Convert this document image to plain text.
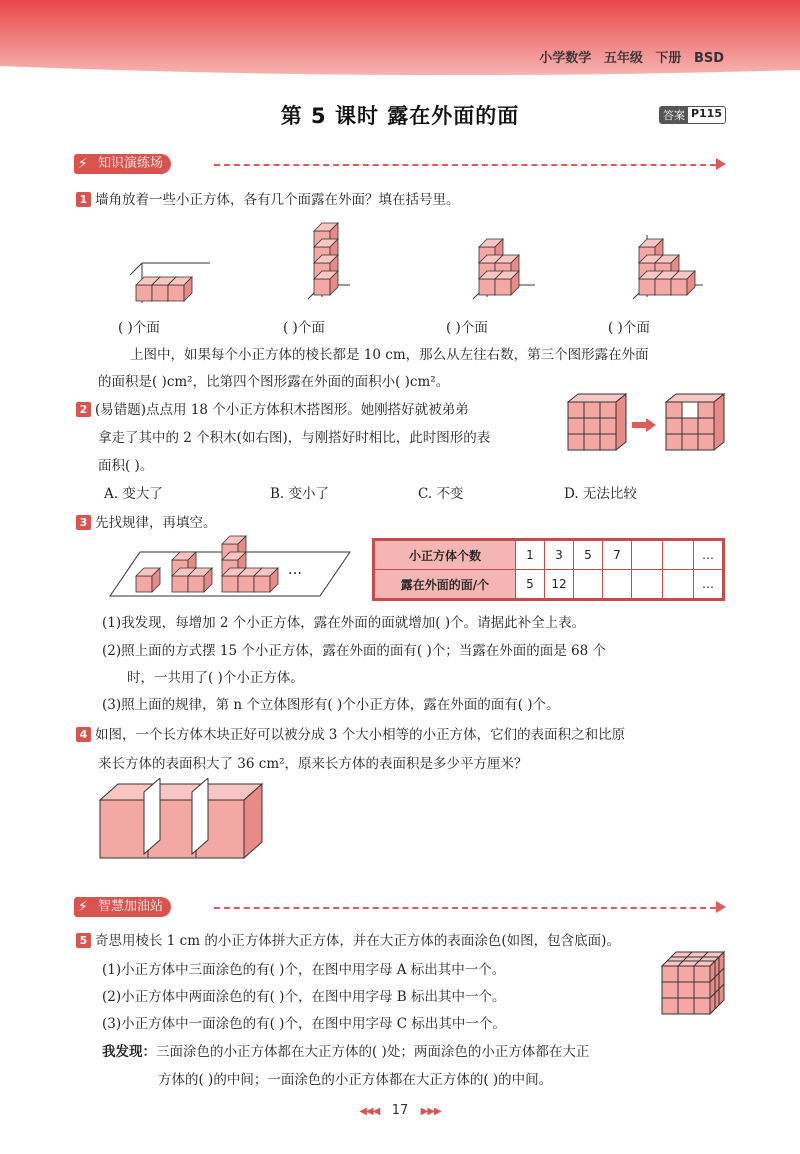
小学数学 五年级 下册 BSD
第 5 课时 露在外面的面	答案 P115
⚡ 知识演练场
1 墙角放着一些小正方体，各有几个面露在外面？填在括号里。
( )个面	( )个面	( )个面	( )个面
上图中，如果每个小正方体的棱长都是 10 cm，那么从左往右数，第三个图形露在外面
的面积是( )cm²，比第四个图形露在外面的面积小( )cm²。
2 (易错题)点点用 18 个小正方体积木搭图形。她刚搭好就被弟弟
拿走了其中的 2 个积木(如右图)，与刚搭好时相比，此时图形的表
面积( )。
A. 变大了	B. 变小了	C. 不变	D. 无法比较
3 先找规律，再填空。
…
小正方体个数	1	3	5	7			…
露在外面的面/个	5	12					…
(1)我发现，每增加 2 个小正方体，露在外面的面就增加( )个。请据此补全上表。
(2)照上面的方式摆 15 个小正方体，露在外面的面有( )个；当露在外面的面是 68 个
时，一共用了( )个小正方体。
(3)照上面的规律，第 n 个立体图形有( )个小正方体，露在外面的面有( )个。
4 如图，一个长方体木块正好可以被分成 3 个大小相等的小正方体，它们的表面积之和比原
来长方体的表面积大了 36 cm²，原来长方体的表面积是多少平方厘米？
⚡ 智慧加油站
5 奇思用棱长 1 cm 的小正方体拼大正方体，并在大正方体的表面涂色(如图，包含底面)。
(1)小正方体中三面涂色的有( )个，在图中用字母 A 标出其中一个。
(2)小正方体中两面涂色的有( )个，在图中用字母 B 标出其中一个。
(3)小正方体中一面涂色的有( )个，在图中用字母 C 标出其中一个。
我发现：三面涂色的小正方体都在大正方体的( )处；两面涂色的小正方体都在大正
方体的( )的中间；一面涂色的小正方体都在大正方体的( )的中间。
◀◀◀ 17 ▶▶▶
